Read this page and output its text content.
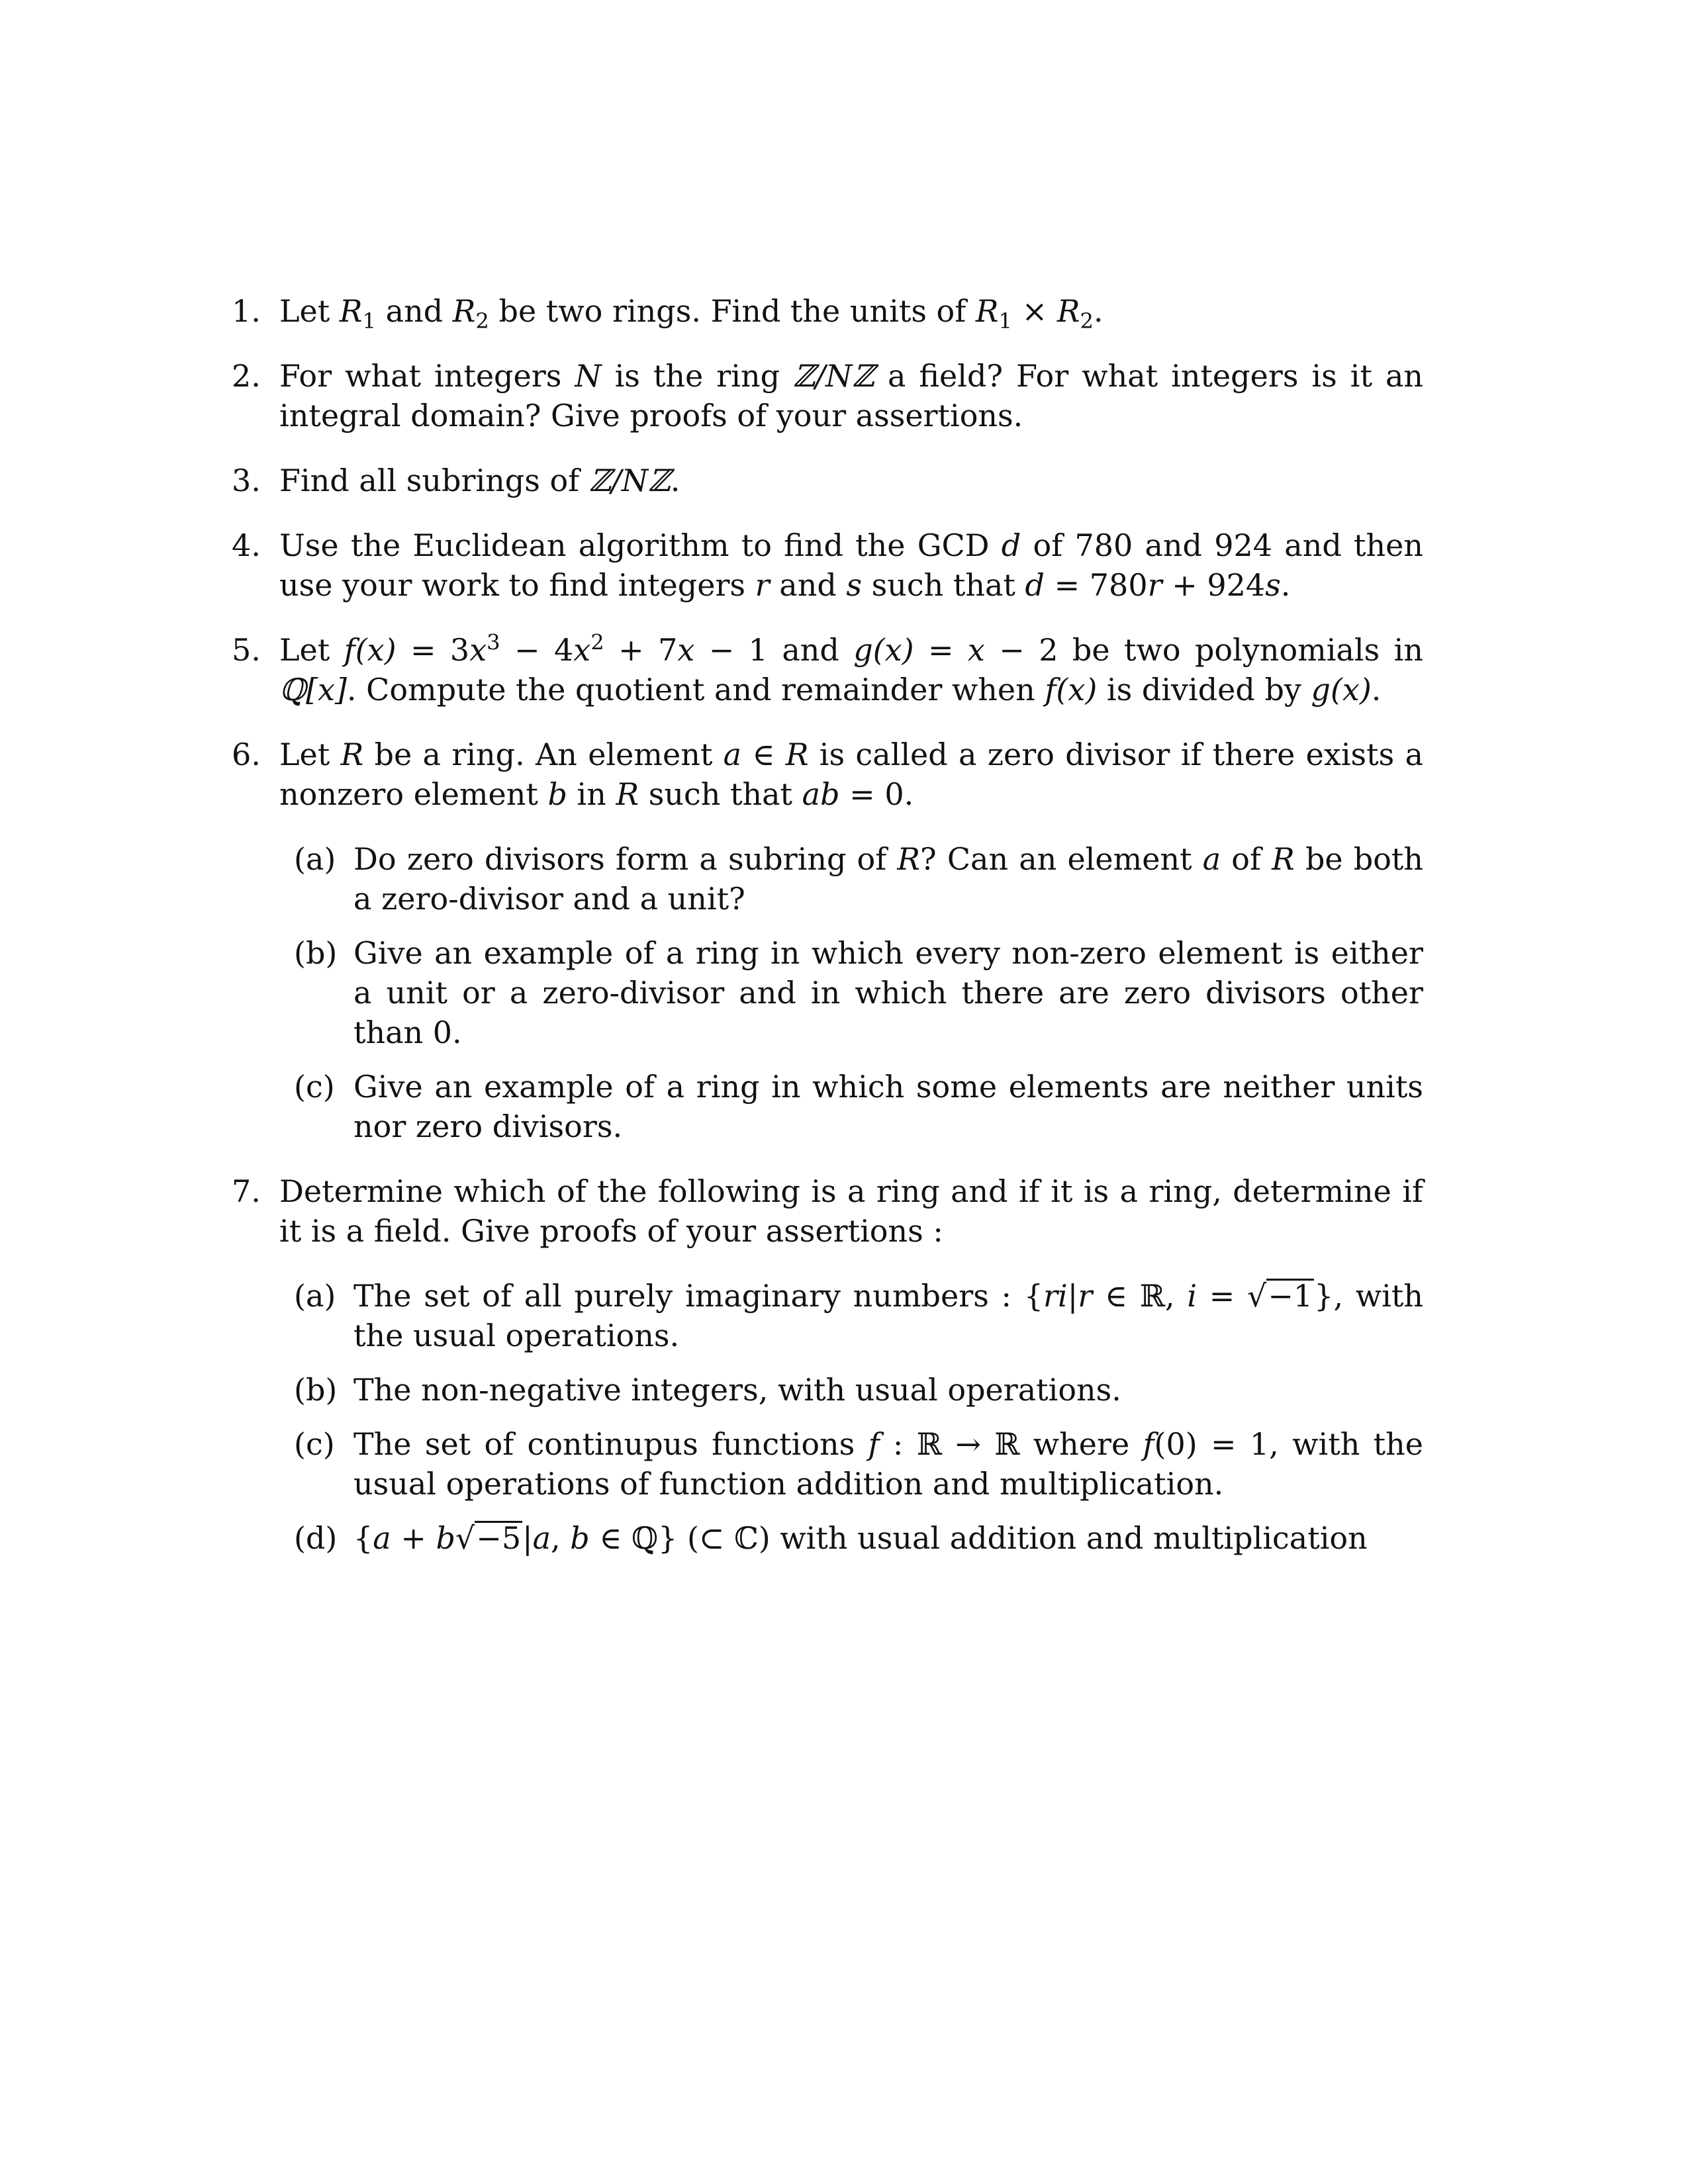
1. Let $R_1$ and $R_2$ be two rings. Find the units of $R_1 \times R_2$.
2. For what integers N is the ring ℤ/Nℤ a field? For what integers is it an integral domain? Give proofs of your assertions.
3. Find all subrings of ℤ/Nℤ.
4. Use the Euclidean algorithm to find the GCD d of 780 and 924 and then use your work to find integers r and s such that d = 780r + 924s.
5. Let $f(x) = 3x^3 - 4x^2 + 7x - 1$ and g(x) = x − 2 be two polynomials in ℚ[x]. Compute the quotient and remainder when f(x) is divided by g(x).
6. Let R be a ring. An element a ∈ R is called a zero divisor if there exists a nonzero element b in R such that ab = 0.
(a) Do zero divisors form a subring of R? Can an element a of R be both a zero-divisor and a unit?
(b) Give an example of a ring in which every non-zero element is either a unit or a zero-divisor and in which there are zero divisors other than 0.
(c) Give an example of a ring in which some elements are neither units nor zero divisors.
7. Determine which of the following is a ring and if it is a ring, determine if it is a field. Give proofs of your assertions :
(a) The set of all purely imaginary numbers : {ri|r ∈ ℝ, i = √−1}, with the usual operations.
(b) The non-negative integers, with usual operations.
(c) The set of continupus functions f : ℝ → ℝ where f(0) = 1, with the usual operations of function addition and multiplication.
(d) {a + b√−5|a, b ∈ ℚ} (⊂ ℂ) with usual addition and multiplication
